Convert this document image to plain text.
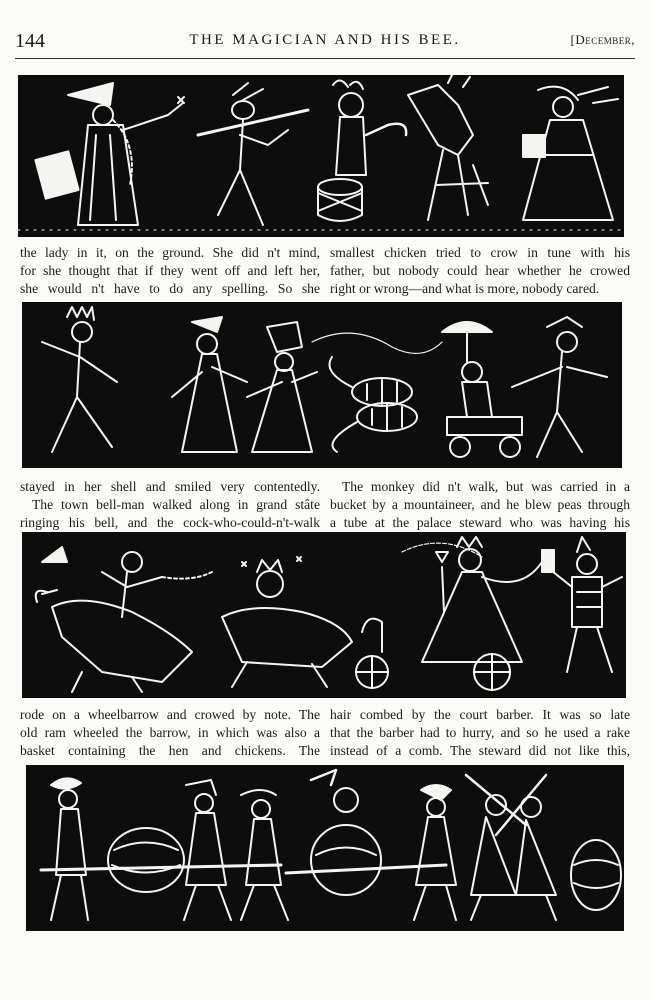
144	THE MAGICIAN AND HIS BEE.	[December,

the lady in it, on the ground. She did n't mind,

for she thought that if they went off and left her,

she would n't have to do any spelling. So she

smallest chicken tried to crow in tune with his

father, but nobody could hear whether he crowed

right or wrong—and what is more, nobody cared.

stayed in her shell and smiled very contentedly.

The town bell-man walked along in grand stâte

ringing his bell, and the cock-who-could-n't-walk

The monkey did n't walk, but was carried in a

bucket by a mountaineer, and he blew peas through

a tube at the palace steward who was having his

rode on a wheelbarrow and crowed by note. The

old ram wheeled the barrow, in which was also a

basket containing the hen and chickens. The

hair combed by the court barber. It was so late

that the barber had to hurry, and so he used a rake

instead of a comb. The steward did not like this,
